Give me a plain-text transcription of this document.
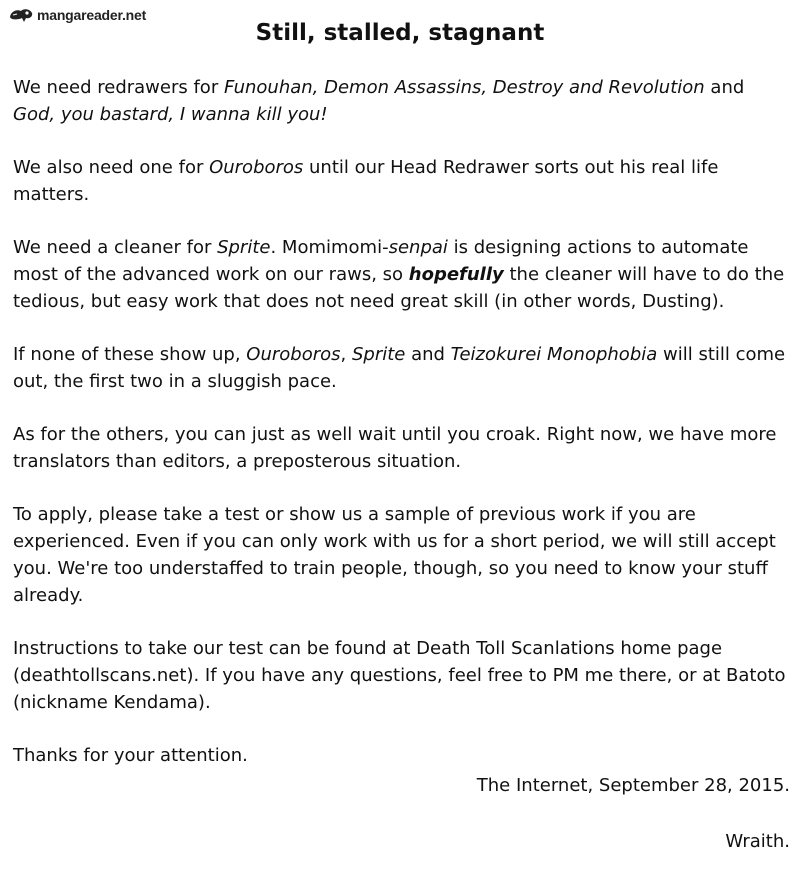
mangareader.net
Still, stalled, stagnant

We need redrawers for Funouhan, Demon Assassins, Destroy and Revolution and God, you bastard, I wanna kill you!

We also need one for Ouroboros until our Head Redrawer sorts out his real life matters.

We need a cleaner for Sprite. Momimomi-senpai is designing actions to automate most of the advanced work on our raws, so hopefully the cleaner will have to do the tedious, but easy work that does not need great skill (in other words, Dusting).

If none of these show up, Ouroboros, Sprite and Teizokurei Monophobia will still come out, the first two in a sluggish pace.

As for the others, you can just as well wait until you croak. Right now, we have more translators than editors, a preposterous situation.

To apply, please take a test or show us a sample of previous work if you are experienced. Even if you can only work with us for a short period, we will still accept you. We're too understaffed to train people, though, so you need to know your stuff already.

Instructions to take our test can be found at Death Toll Scanlations home page (deathtollscans.net). If you have any questions, feel free to PM me there, or at Batoto (nickname Kendama).

Thanks for your attention.

The Internet, September 28, 2015.
Wraith.
